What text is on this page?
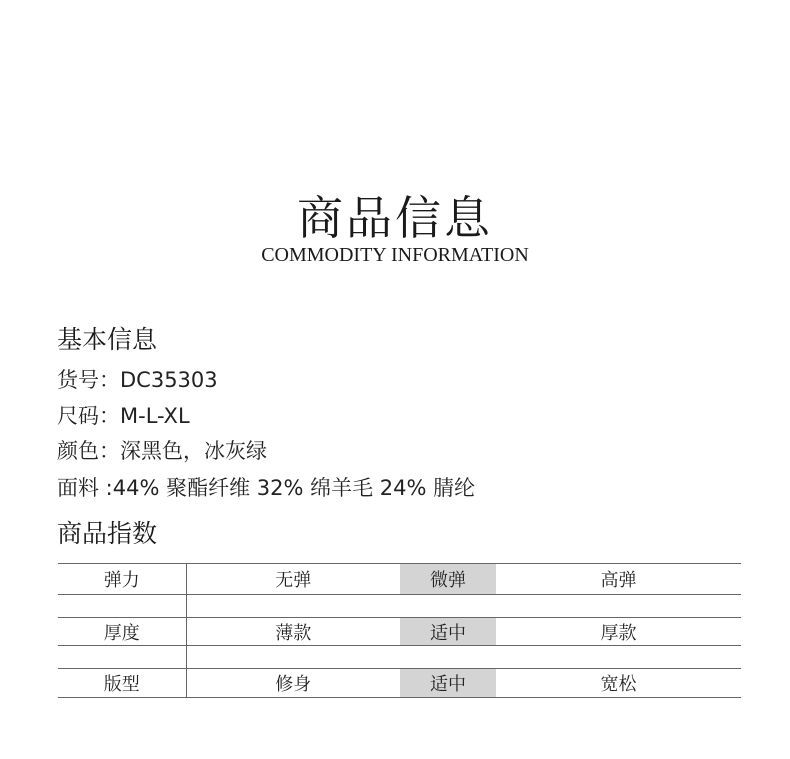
商品信息
COMMODITY INFORMATION
基本信息
货号：DC35303
尺码：M-L-XL
颜色：深黑色，冰灰绿
面料 :44% 聚酯纤维 32% 绵羊毛 24% 腈纶
商品指数
弹力	无弹	微弹	高弹

厚度	薄款	适中	厚款

版型	修身	适中	宽松
